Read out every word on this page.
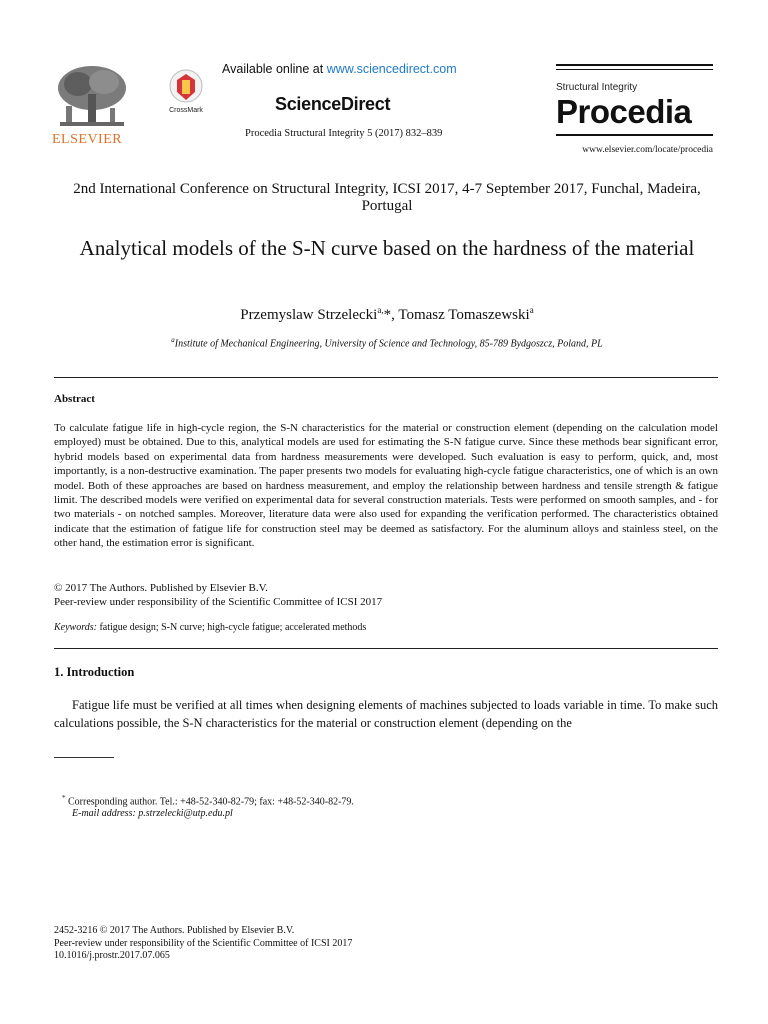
ELSEVIER
CrossMark
Available online at www.sciencedirect.com
ScienceDirect
Procedia Structural Integrity 5 (2017) 832–839
Structural Integrity
Procedia
www.elsevier.com/locate/procedia
2nd International Conference on Structural Integrity, ICSI 2017, 4-7 September 2017, Funchal, Madeira, Portugal
Analytical models of the S-N curve based on the hardness of the material
Przemyslaw Strzelecki$^{a,}$*, Tomasz Tomaszewski$^a$
$^a$Institute of Mechanical Engineering, University of Science and Technology, 85-789 Bydgoszcz, Poland, PL
Abstract
To calculate fatigue life in high-cycle region, the S-N characteristics for the material or construction element (depending on the calculation model employed) must be obtained. Due to this, analytical models are used for estimating the S-N fatigue curve. Since these methods bear significant error, hybrid models based on experimental data from hardness measurements were developed. Such evaluation is easy to perform, quick, and, most importantly, is a non-destructive examination. The paper presents two models for evaluating high-cycle fatigue characteristics, one of which is an own model. Both of these approaches are based on hardness measurement, and employ the relationship between hardness and tensile strength & fatigue limit. The described models were verified on experimental data for several construction materials. Tests were performed on smooth samples, and - for two materials - on notched samples. Moreover, literature data were also used for expanding the verification performed. The characteristics obtained indicate that the estimation of fatigue life for construction steel may be deemed as satisfactory. For the aluminum alloys and stainless steel, on the other hand, the estimation error is significant.
© 2017 The Authors. Published by Elsevier B.V.
Peer-review under responsibility of the Scientific Committee of ICSI 2017
Keywords: fatigue design; S-N curve; high-cycle fatigue; accelerated methods
1. Introduction
Fatigue life must be verified at all times when designing elements of machines subjected to loads variable in time. To make such calculations possible, the S-N characteristics for the material or construction element (depending on the
* Corresponding author. Tel.: +48-52-340-82-79; fax: +48-52-340-82-79.
E-mail address: p.strzelecki@utp.edu.pl
2452-3216 © 2017 The Authors. Published by Elsevier B.V.
Peer-review under responsibility of the Scientific Committee of ICSI 2017
10.1016/j.prostr.2017.07.065
